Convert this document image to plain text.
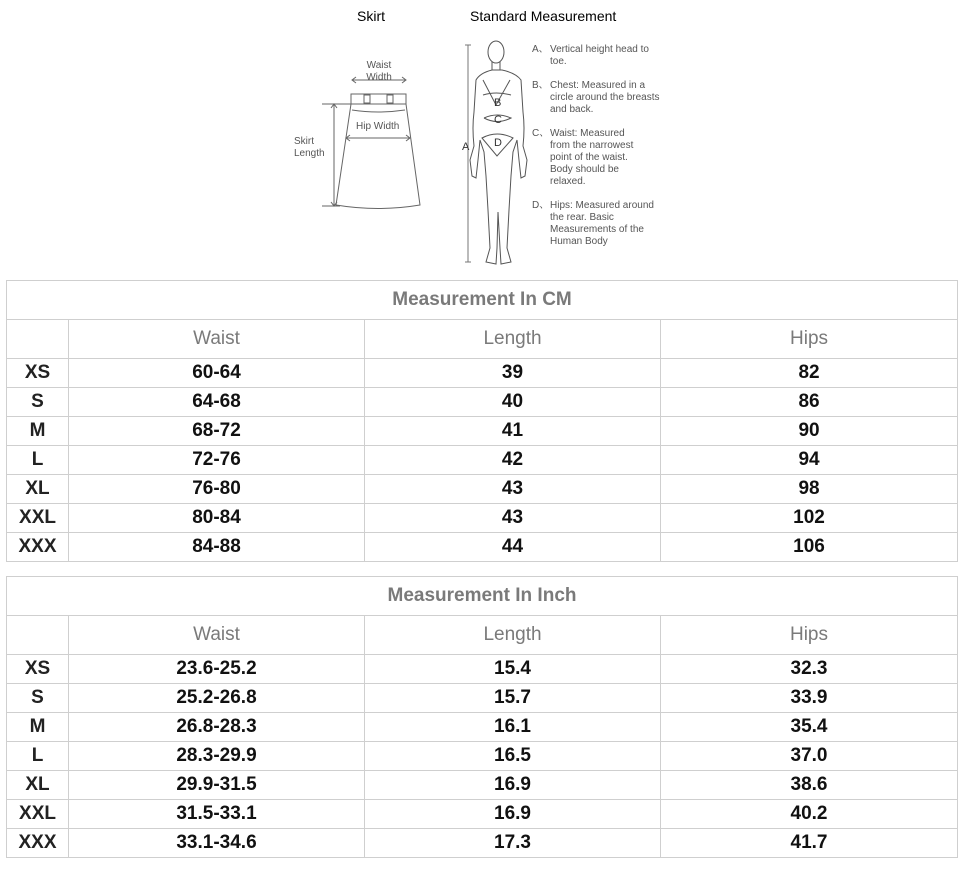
Skirt	Standard Measurement
Waist
Width
Hip Width
Skirt
Length
A
B
C
D
A、 Vertical height head to toe.
B、 Chest: Measured in a circle around the breasts and back.
C、 Waist: Measured from the narrowest point of the waist. Body should be relaxed.
D、 Hips: Measured around the rear. Basic Measurements of the Human Body
Measurement In CM			
	Waist	Length	Hips
XS	60-64	39	82
S	64-68	40	86
M	68-72	41	90
L	72-76	42	94
XL	76-80	43	98
XXL	80-84	43	102
XXX	84-88	44	106
Measurement In Inch			
	Waist	Length	Hips
XS	23.6-25.2	15.4	32.3
S	25.2-26.8	15.7	33.9
M	26.8-28.3	16.1	35.4
L	28.3-29.9	16.5	37.0
XL	29.9-31.5	16.9	38.6
XXL	31.5-33.1	16.9	40.2
XXX	33.1-34.6	17.3	41.7
